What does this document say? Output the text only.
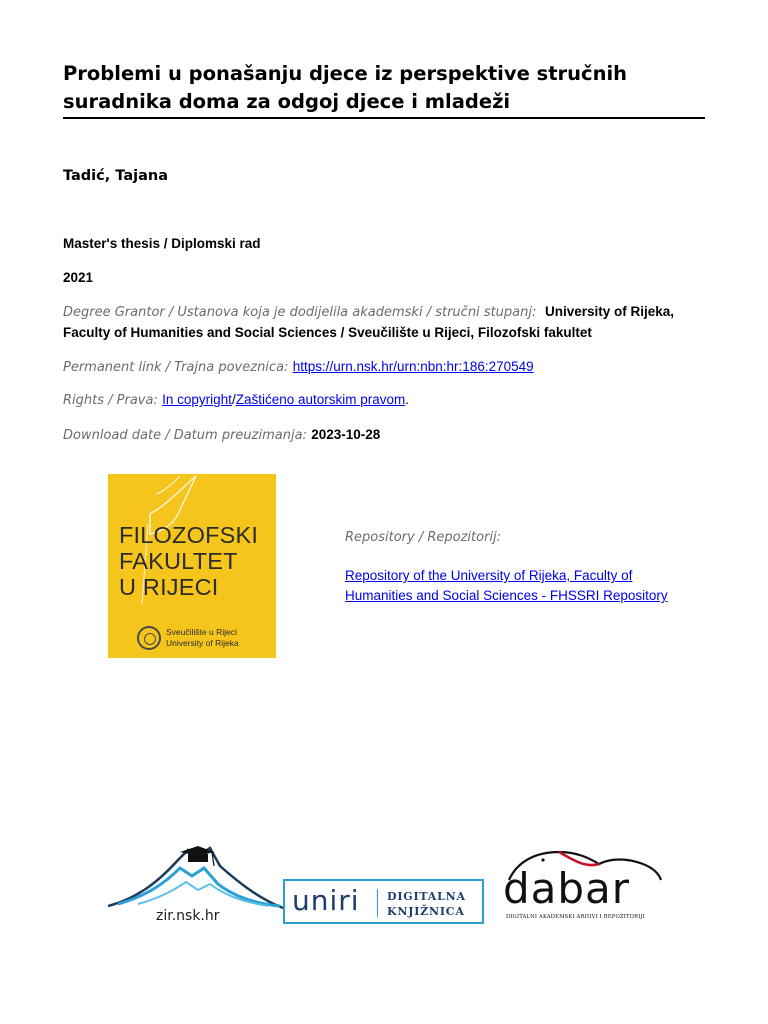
Problemi u ponašanju djece iz perspektive stručnih suradnika doma za odgoj djece i mladeži
Tadić, Tajana
Master's thesis / Diplomski rad
2021
Degree Grantor / Ustanova koja je dodijelila akademski / stručni stupanj: University of Rijeka, Faculty of Humanities and Social Sciences / Sveučilište u Rijeci, Filozofski fakultet
Permanent link / Trajna poveznica: https://urn.nsk.hr/urn:nbn:hr:186:270549
Rights / Prava: In copyright/Zaštićeno autorskim pravom.
Download date / Datum preuzimanja: 2023-10-28
FILOZOFSKI
FAKULTET
U RIJECI
Sveučilište u Rijeci
University of Rijeka
Repository / Repozitorij:
Repository of the University of Rijeka, Faculty of Humanities and Social Sciences - FHSSRI Repository
zir.nsk.hr	uniri DIGITALNA
KNJIŽNICA dabar
DIGITALNI AKADEMSKI ARHIVI I REPOZITORIJI
